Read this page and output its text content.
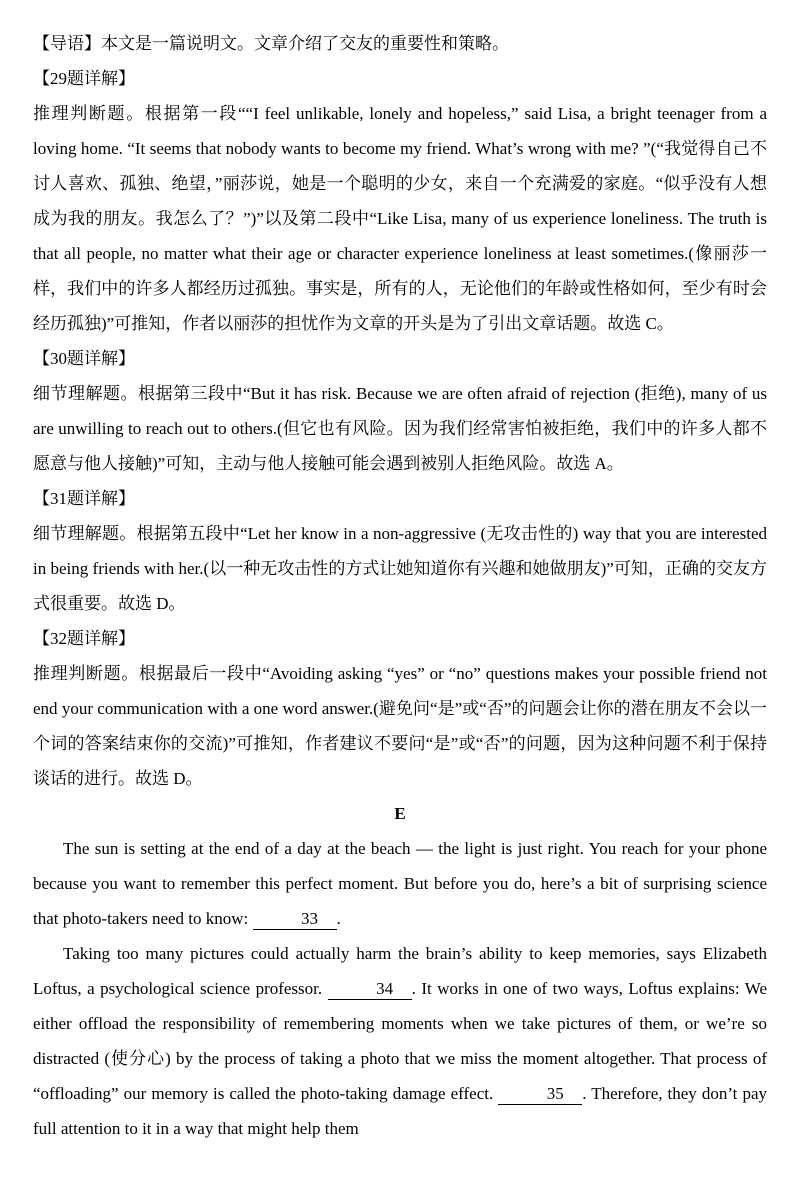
【导语】本文是一篇说明文。文章介绍了交友的重要性和策略。

【29题详解】

推理判断题。根据第一段““I feel unlikable, lonely and hopeless,” said Lisa, a bright teenager from a loving home. “It seems that nobody wants to become my friend. What’s wrong with me? ”(“我觉得自己不讨人喜欢、孤独、绝望，”丽莎说，她是一个聪明的少女，来自一个充满爱的家庭。“似乎没有人想成为我的朋友。我怎么了？”)”以及第二段中“Like Lisa, many of us experience loneliness. The truth is that all people, no matter what their age or character experience loneliness at least sometimes.(像丽莎一样，我们中的许多人都经历过孤独。事实是，所有的人，无论他们的年龄或性格如何，至少有时会经历孤独)”可推知，作者以丽莎的担忧作为文章的开头是为了引出文章话题。故选 C。

【30题详解】

细节理解题。根据第三段中“But it has risk. Because we are often afraid of rejection (拒绝), many of us are unwilling to reach out to others.(但它也有风险。因为我们经常害怕被拒绝，我们中的许多人都不愿意与他人接触)”可知，主动与他人接触可能会遇到被别人拒绝风险。故选 A。

【31题详解】

细节理解题。根据第五段中“Let her know in a non-aggressive (无攻击性的) way that you are interested in being friends with her.(以一种无攻击性的方式让她知道你有兴趣和她做朋友)”可知，正确的交友方式很重要。故选 D。

【32题详解】

推理判断题。根据最后一段中“Avoiding asking “yes” or “no” questions makes your possible friend not end your communication with a one word answer.(避免问“是”或“否”的问题会让你的潜在朋友不会以一个词的答案结束你的交流)”可推知，作者建议不要问“是”或“否”的问题，因为这种问题不利于保持谈话的进行。故选 D。

E

The sun is setting at the end of a day at the beach — the light is just right. You reach for your phone because you want to remember this perfect moment. But before you do, here’s a bit of surprising science that photo-takers need to know:	33 .

Taking too many pictures could actually harm the brain’s ability to keep memories, says Elizabeth Loftus, a psychological science professor.	34 . It works in one of two ways, Loftus explains: We either offload the responsibility of remembering moments when we take pictures of them, or we’re so distracted (使分心) by the process of taking a photo that we miss the moment altogether. That process of “offloading” our memory is called the photo-taking damage effect.	35 . Therefore, they don’t pay full attention to it in a way that might help them
